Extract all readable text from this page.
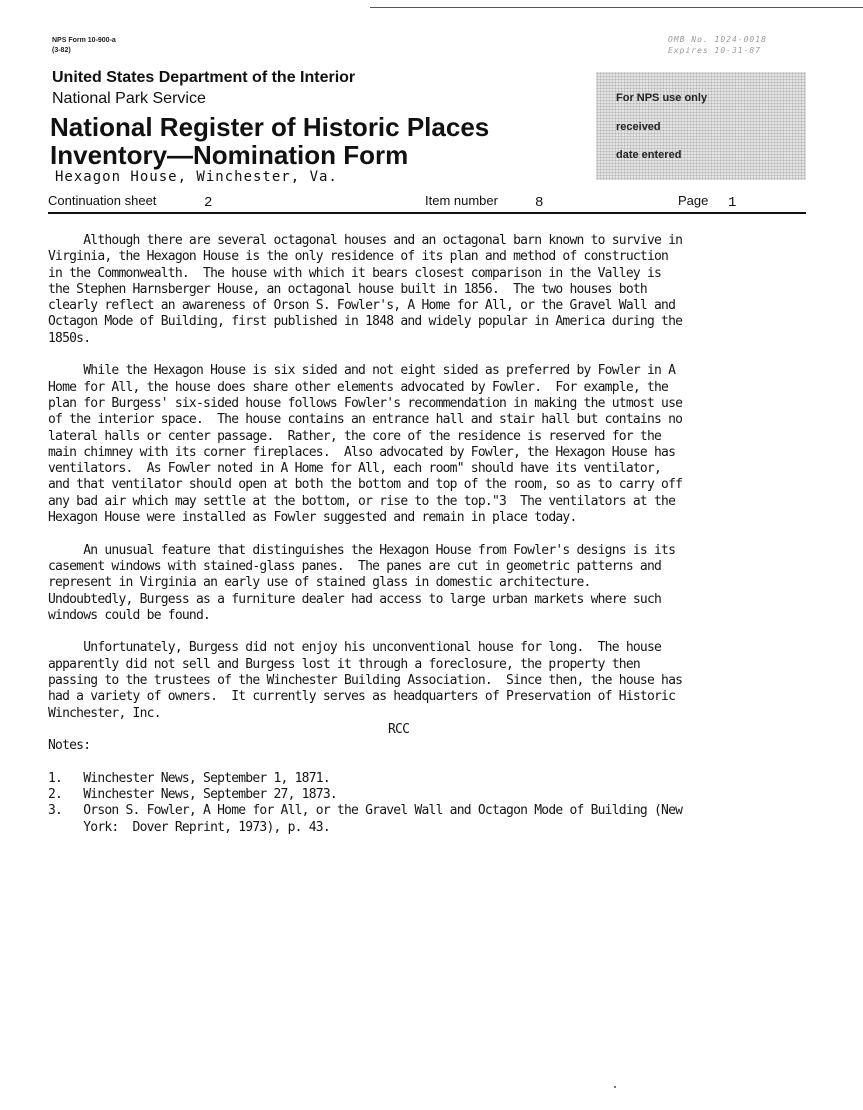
NPS Form 10-900-a
(3-82)
OMB No. 1024-0018
Expires 10-31-87
United States Department of the Interior
National Park Service
National Register of Historic Places
Inventory—Nomination Form
Hexagon House, Winchester, Va.
For NPS use only
received
date entered
Continuation sheet	2	Item number	8	Page 1

Although there are several octagonal houses and an octagonal barn known to survive in
Virginia, the Hexagon House is the only residence of its plan and method of construction
in the Commonwealth.  The house with which it bears closest comparison in the Valley is
the Stephen Harnsberger House, an octagonal house built in 1856.  The two houses both
clearly reflect an awareness of Orson S. Fowler's, A Home for All, or the Gravel Wall and
Octagon Mode of Building, first published in 1848 and widely popular in America during the
1850s.

While the Hexagon House is six sided and not eight sided as preferred by Fowler in A
Home for All, the house does share other elements advocated by Fowler.  For example, the
plan for Burgess' six-sided house follows Fowler's recommendation in making the utmost use
of the interior space.  The house contains an entrance hall and stair hall but contains no
lateral halls or center passage.  Rather, the core of the residence is reserved for the
main chimney with its corner fireplaces.  Also advocated by Fowler, the Hexagon House has
ventilators.  As Fowler noted in A Home for All, each room" should have its ventilator,
and that ventilator should open at both the bottom and top of the room, so as to carry off
any bad air which may settle at the bottom, or rise to the top."3  The ventilators at the
Hexagon House were installed as Fowler suggested and remain in place today.

An unusual feature that distinguishes the Hexagon House from Fowler's designs is its
casement windows with stained-glass panes.  The panes are cut in geometric patterns and
represent in Virginia an early use of stained glass in domestic architecture.
Undoubtedly, Burgess as a furniture dealer had access to large urban markets where such
windows could be found.

Unfortunately, Burgess did not enjoy his unconventional house for long.  The house
apparently did not sell and Burgess lost it through a foreclosure, the property then
passing to the trustees of the Winchester Building Association.  Since then, the house has
had a variety of owners.  It currently serves as headquarters of Preservation of Historic
Winchester, Inc.

RCC
Notes:
1.   Winchester News, September 1, 1871.
2.   Winchester News, September 27, 1873.
3.   Orson S. Fowler, A Home for All, or the Gravel Wall and Octagon Mode of Building (New
York:  Dover Reprint, 1973), p. 43.
